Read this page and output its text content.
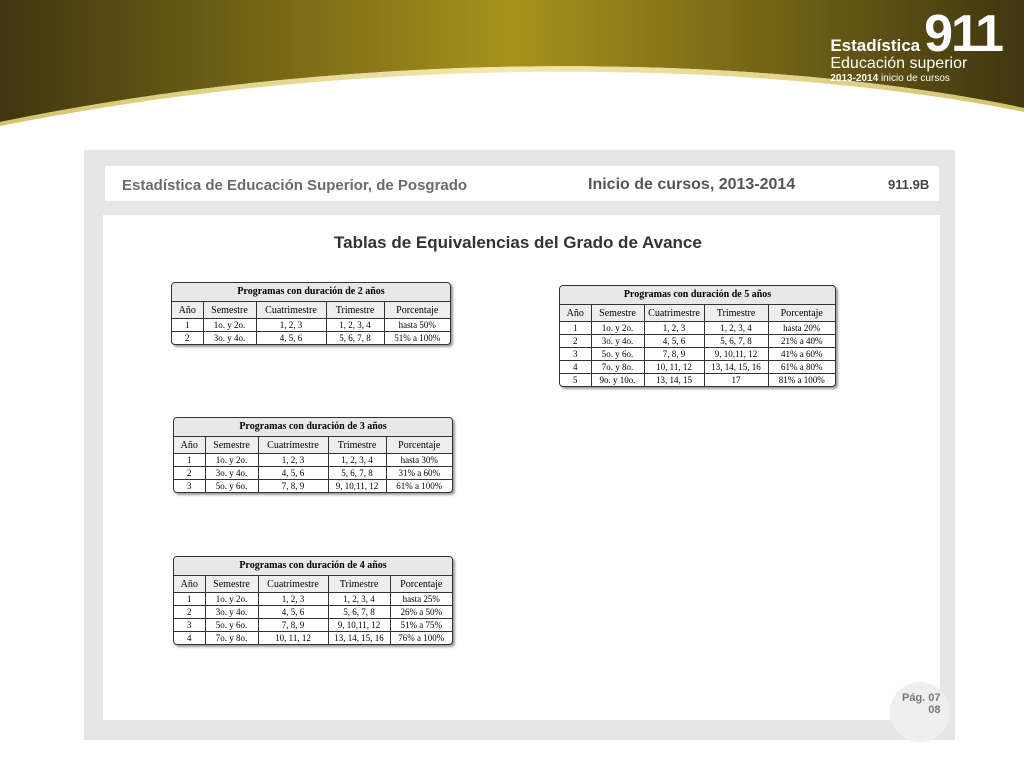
Estadística 911
Educación superior
2013-2014 inicio de cursos
Estadística de Educación Superior, de Posgrado	Inicio de cursos, 2013-2014	911.9B
Tablas de Equivalencias del Grado de Avance
Programas con duración de 2 años
Año	Semestre	Cuatrimestre	Trimestre	Porcentaje
1	1o. y 2o.	1, 2, 3	1, 2, 3, 4	hasta 50%
2	3o. y 4o.	4, 5, 6	5, 6, 7, 8	51% a 100%
Programas con duración de 3 años
Año	Semestre	Cuatrimestre	Trimestre	Porcentaje
1	1o. y 2o.	1, 2, 3	1, 2, 3, 4	hasta 30%
2	3o. y 4o.	4, 5, 6	5, 6, 7, 8	31% a 60%
3	5o. y 6o.	7, 8, 9	9, 10,11, 12	61% a 100%
Programas con duración de 4 años
Año	Semestre	Cuatrimestre	Trimestre	Porcentaje
1	1o. y 2o.	1, 2, 3	1, 2, 3, 4	hasta 25%
2	3o. y 4o.	4, 5, 6	5, 6, 7, 8	26% a 50%
3	5o. y 6o.	7, 8, 9	9, 10,11, 12	51% a 75%
4	7o. y 8o.	10, 11, 12	13, 14, 15, 16	76% a 100%
Programas con duración de 5 años
Año	Semestre	Cuatrimestre	Trimestre	Porcentaje
1	1o. y 2o.	1, 2, 3	1, 2, 3, 4	hasta 20%
2	3o. y 4o.	4, 5, 6	5, 6, 7, 8	21% a 40%
3	5o. y 6o.	7, 8, 9	9, 10,11, 12	41% a 60%
4	7o. y 8o.	10, 11, 12	13, 14, 15, 16	61% a 80%
5	9o. y 10o.	13, 14, 15	17	81% a 100%
Pág. 07
08
